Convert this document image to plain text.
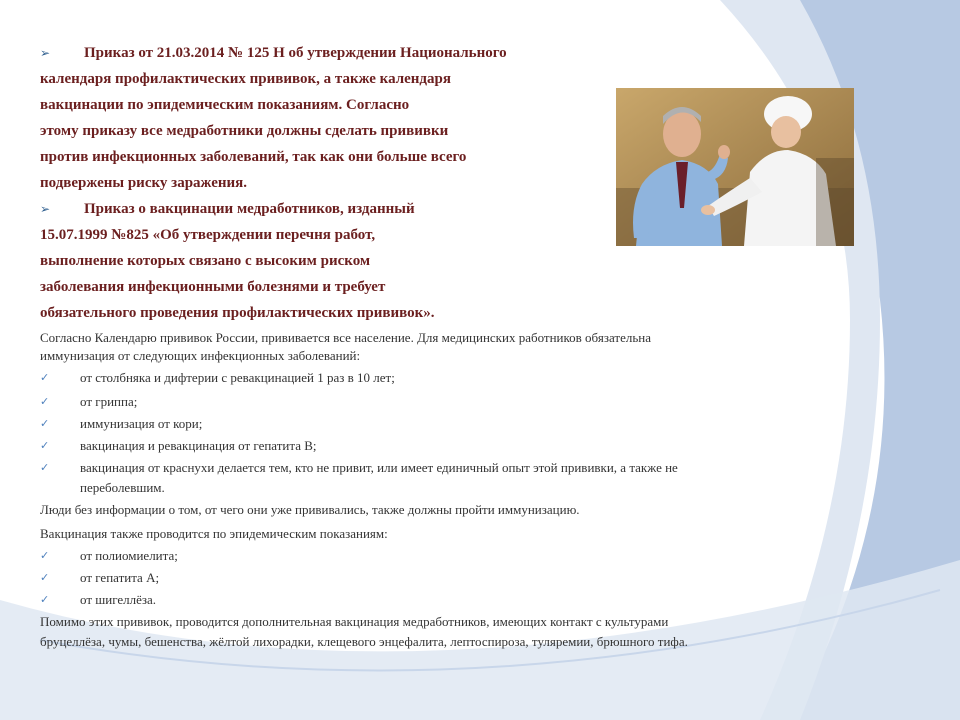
➢ Приказ от 21.03.2014 № 125 Н об утверждении Национального
календаря профилактических прививок, а также календаря
вакцинации по эпидемическим показаниям. Согласно
этому приказу все медработники должны сделать прививки
против инфекционных заболеваний, так как они больше всего
подвержены риску заражения.
➢ Приказ о вакцинации медработников, изданный
15.07.1999 №825 «Об утверждении перечня работ,
выполнение которых связано с высоким риском
заболевания инфекционными болезнями и требует
обязательного проведения профилактических прививок».
Согласно Календарю прививок России, прививается все население. Для медицинских работников обязательна
иммунизация от следующих инфекционных заболеваний:
✓ от столбняка и дифтерии с ревакцинацией 1 раз в 10 лет;
✓ от гриппа;
✓ иммунизация от кори;
✓ вакцинация и ревакцинация от гепатита В;
✓ вакцинация от краснухи делается тем, кто не привит, или имеет единичный опыт этой прививки, а также не
переболевшим.
Люди без информации о том, от чего они уже прививались, также должны пройти иммунизацию.
Вакцинация также проводится по эпидемическим показаниям:
✓ от полиомиелита;
✓ от гепатита А;
✓ от шигеллёза.
Помимо этих прививок, проводится дополнительная вакцинация медработников, имеющих контакт с культурами
бруцеллёза, чумы, бешенства, жёлтой лихорадки, клещевого энцефалита, лептоспироза, туляремии, брюшного тифа.
